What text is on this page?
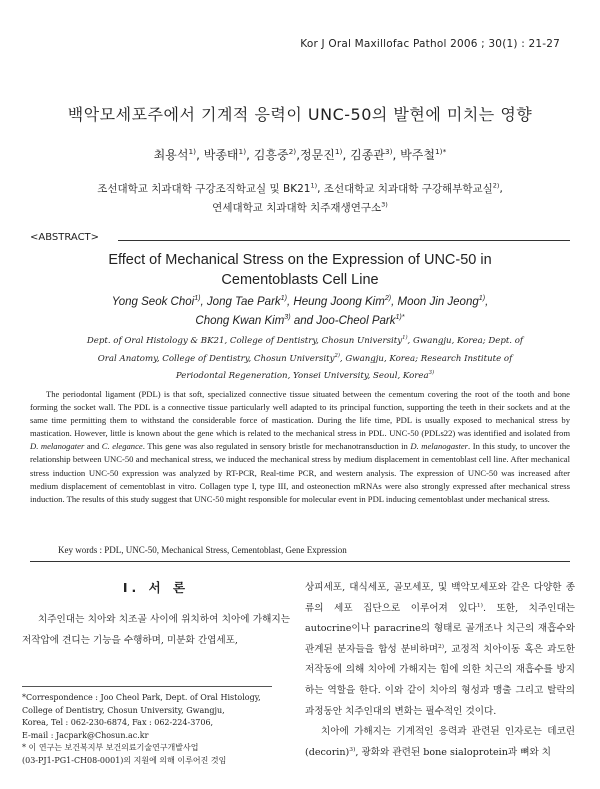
Kor J Oral Maxillofac Pathol 2006 ; 30(1) : 21-27
백악모세포주에서 기계적 응력이 UNC-50의 발현에 미치는 영향
최용석$^{1)}$, 박종태$^{1)}$, 김흥중$^{2)}$,정문진$^{1)}$, 김종관$^{3)}$, 박주철$^{1)*}$
조선대학교 치과대학 구강조직학교실 및 BK21$^{1)}$, 조선대학교 치과대학 구강해부학교실$^{2)}$,
연세대학교 치과대학 치주재생연구소$^{3)}$
<ABSTRACT>
Effect of Mechanical Stress on the Expression of UNC-50 in
Cementoblasts Cell Line
Yong Seok Choi$^{1)}$, Jong Tae Park$^{1)}$, Heung Joong Kim$^{2)}$, Moon Jin Jeong$^{1)}$,
Chong Kwan Kim$^{3)}$ and Joo-Cheol Park$^{1)*}$
Dept. of Oral Histology & BK21, College of Dentistry, Chosun University$^{1)}$, Gwangju, Korea; Dept. of
Oral Anatomy, College of Dentistry, Chosun University$^{2)}$, Gwangju, Korea; Research Institute of
Periodontal Regeneration, Yonsei University, Seoul, Korea$^{3)}$
The periodontal ligament (PDL) is that soft, specialized connective tissue situated between the cementum covering the root of the tooth and bone forming the socket wall. The PDL is a connective tissue particularly well adapted to its principal function, supporting the teeth in their sockets and at the same time permitting them to withstand the considerable force of mastication. During the life time, PDL is usually exposed to mechanical stress by mastication. However, little is known about the gene which is related to the mechanical stress in PDL. UNC-50 (PDLs22) was identified and isolated from D. melanogater and C. elegance. This gene was also regulated in sensory bristle for mechanotransduction in D. melanogaster. In this study, to uncover the relationship between UNC-50 and mechanical stress, we induced the mechanical stress by medium displacement in cementoblast cell line. After mechanical stress induction UNC-50 expression was analyzed by RT-PCR, Real-time PCR, and western analysis. The expression of UNC-50 was increased after medium displacement of cementoblast in vitro. Collagen type I, type III, and osteonection mRNAs were also strongly expressed after mechanical stress induction. The results of this study suggest that UNC-50 might responsible for molecular event in PDL inducing cementoblast under mechanical stress.
Key words : PDL, UNC-50, Mechanical Stress, Cementoblast, Gene Expression
I. 서 론

치주인대는 치아와 치조골 사이에 위치하여 치아에 가해지는 저작압에 견디는 기능을 수행하며, 미분화 간엽세포,

상피세포, 대식세포, 골모세포, 및 백악모세포와 같은 다양한 종류의 세포 집단으로 이루어져 있다$^{1)}$. 또한, 치주인대는 autocrine이나 paracrine의 형태로 골개조나 치근의 재흡수와 관계된 분자들을 합성 분비하며$^{2)}$, 교정적 치아이동 혹은 과도한 저작동에 의해 치아에 가해지는 힘에 의한 치근의 재흡수를 방지하는 역할을 한다. 이와 같이 치아의 형성과 맹출 그리고 탈락의 과정동안 치주인대의 변화는 필수적인 것이다.

치아에 가해지는 기계적인 응력과 관련된 인자로는 데코린(decorin)$^{3)}$, 광화와 관련된 bone sialoprotein과 뼈와 치

*Correspondence : Joo Cheol Park, Dept. of Oral Histology,
College of Dentistry, Chosun University, Gwangju,
Korea, Tel : 062-230-6874, Fax : 062-224-3706,
E-mail : Jacpark@Chosun.ac.kr
* 이 연구는 보건복지부 보건의료기술연구개발사업
(03-PJ1-PG1-CH08-0001)의 지원에 의해 이루어진 것임
